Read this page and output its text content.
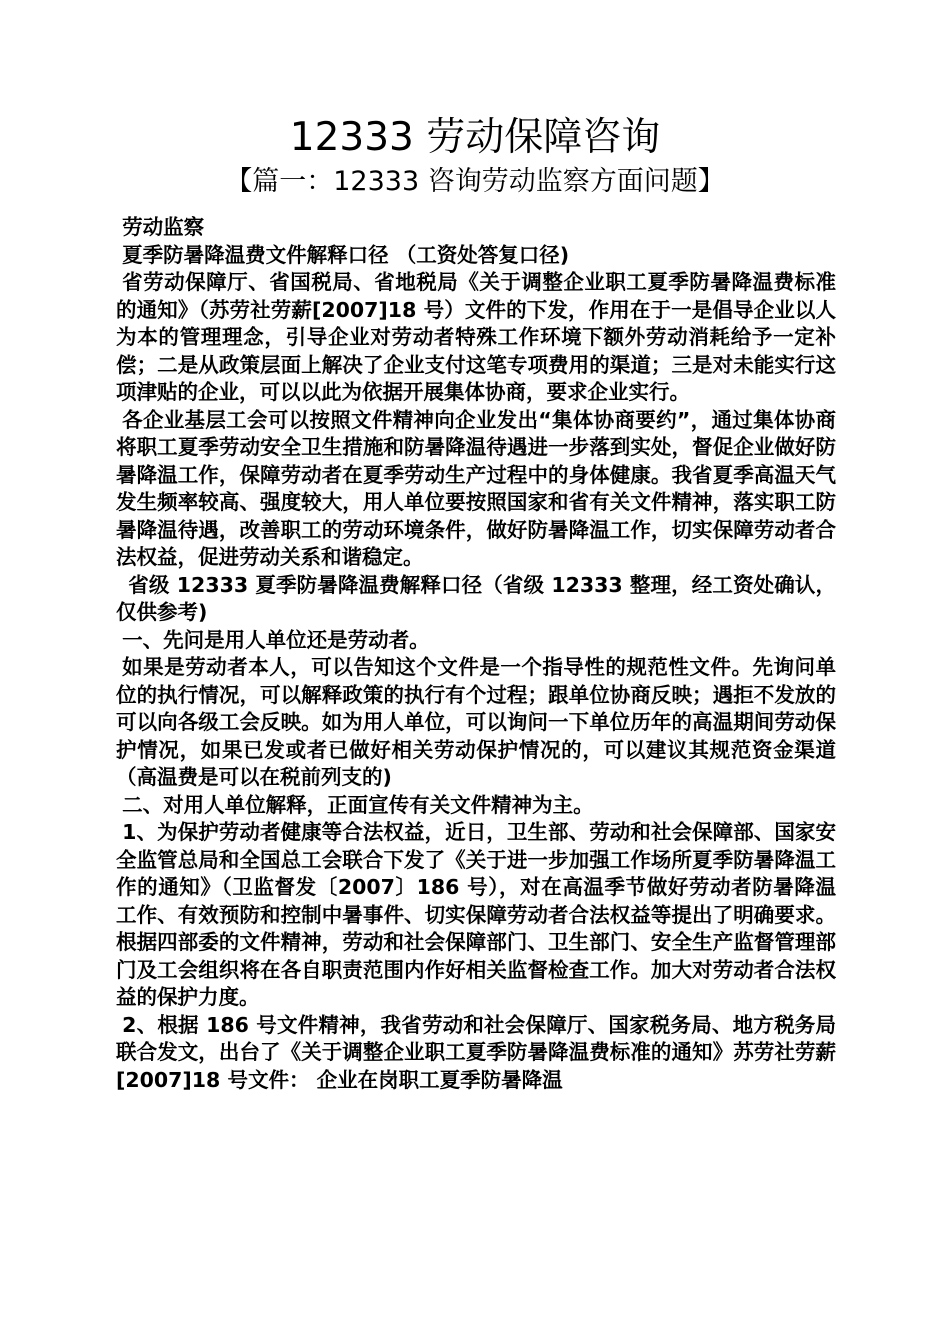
12333 劳动保障咨询
【篇一：12333 咨询劳动监察方面问题】

劳动监察

夏季防暑降温费文件解释口径 （工资处答复口径)

省劳动保障厅、省国税局、省地税局《关于调整企业职工夏季防暑降温费标准的通知》（苏劳社劳薪[2007]18 号）文件的下发，作用在于一是倡导企业以人为本的管理理念，引导企业对劳动者特殊工作环境下额外劳动消耗给予一定补偿；二是从政策层面上解决了企业支付这笔专项费用的渠道；三是对未能实行这项津贴的企业，可以以此为依据开展集体协商，要求企业实行。

各企业基层工会可以按照文件精神向企业发出“集体协商要约”，通过集体协商将职工夏季劳动安全卫生措施和防暑降温待遇进一步落到实处，督促企业做好防暑降温工作，保障劳动者在夏季劳动生产过程中的身体健康。我省夏季高温天气发生频率较高、强度较大，用人单位要按照国家和省有关文件精神，落实职工防暑降温待遇，改善职工的劳动环境条件，做好防暑降温工作，切实保障劳动者合法权益，促进劳动关系和谐稳定。

省级 12333 夏季防暑降温费解释口径（省级 12333 整理，经工资处确认，仅供参考)

一、先问是用人单位还是劳动者。

如果是劳动者本人，可以告知这个文件是一个指导性的规范性文件。先询问单位的执行情况，可以解释政策的执行有个过程；跟单位协商反映；遇拒不发放的可以向各级工会反映。如为用人单位，可以询问一下单位历年的高温期间劳动保护情况，如果已发或者已做好相关劳动保护情况的，可以建议其规范资金渠道（高温费是可以在税前列支的)

二、对用人单位解释，正面宣传有关文件精神为主。

1、为保护劳动者健康等合法权益，近日，卫生部、劳动和社会保障部、国家安全监管总局和全国总工会联合下发了《关于进一步加强工作场所夏季防暑降温工作的通知》（卫监督发〔2007〕186 号），对在高温季节做好劳动者防暑降温工作、有效预防和控制中暑事件、切实保障劳动者合法权益等提出了明确要求。根据四部委的文件精神，劳动和社会保障部门、卫生部门、安全生产监督管理部门及工会组织将在各自职责范围内作好相关监督检查工作。加大对劳动者合法权益的保护力度。

2、根据 186 号文件精神，我省劳动和社会保障厅、国家税务局、地方税务局联合发文，出台了《关于调整企业职工夏季防暑降温费标准的通知》苏劳社劳薪[2007]18 号文件： 企业在岗职工夏季防暑降温
